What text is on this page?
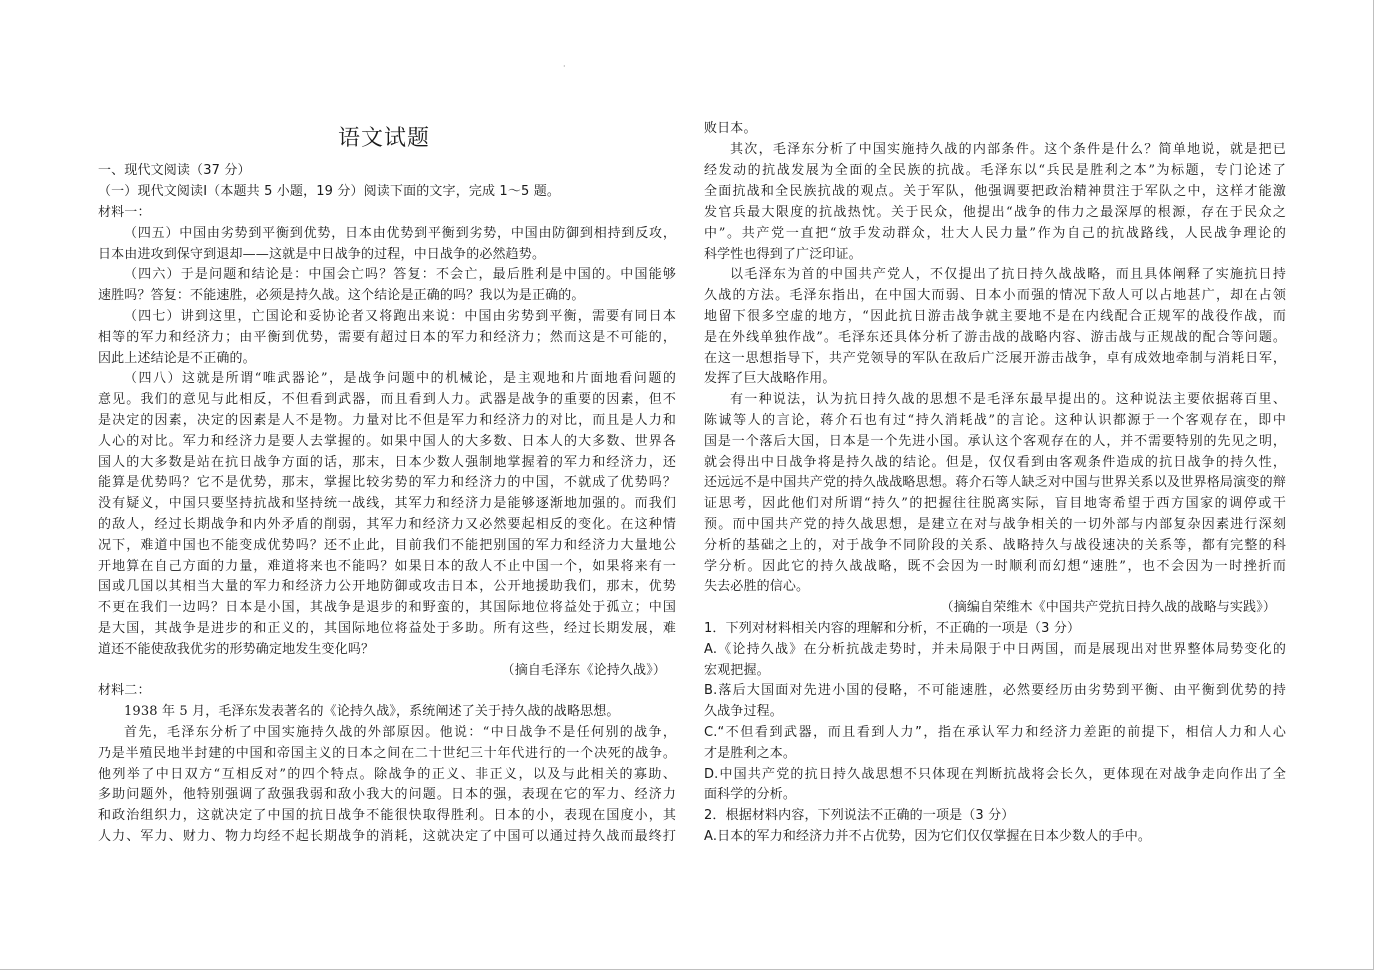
·
语文试题
一、现代文阅读（37 分）
（一）现代文阅读Ⅰ（本题共 5 小题，19 分）阅读下面的文字，完成 1～5 题。
材料一：
（四五）中国由劣势到平衡到优势，日本由优势到平衡到劣势，中国由防御到相持到反攻，
日本由进攻到保守到退却——这就是中日战争的过程，中日战争的必然趋势。
（四六）于是问题和结论是：中国会亡吗？答复：不会亡，最后胜利是中国的。中国能够
速胜吗？答复：不能速胜，必须是持久战。这个结论是正确的吗？我以为是正确的。
（四七）讲到这里，亡国论和妥协论者又将跑出来说：中国由劣势到平衡，需要有同日本
相等的军力和经济力；由平衡到优势，需要有超过日本的军力和经济力；然而这是不可能的，
因此上述结论是不正确的。
（四八）这就是所谓“唯武器论”，是战争问题中的机械论，是主观地和片面地看问题的
意见。我们的意见与此相反，不但看到武器，而且看到人力。武器是战争的重要的因素，但不
是决定的因素，决定的因素是人不是物。力量对比不但是军力和经济力的对比，而且是人力和
人心的对比。军力和经济力是要人去掌握的。如果中国人的大多数、日本人的大多数、世界各
国人的大多数是站在抗日战争方面的话，那末，日本少数人强制地掌握着的军力和经济力，还
能算是优势吗？它不是优势，那末，掌握比较劣势的军力和经济力的中国，不就成了优势吗？
没有疑义，中国只要坚持抗战和坚持统一战线，其军力和经济力是能够逐渐地加强的。而我们
的敌人，经过长期战争和内外矛盾的削弱，其军力和经济力又必然要起相反的变化。在这种情
况下，难道中国也不能变成优势吗？还不止此，目前我们不能把别国的军力和经济力大量地公
开地算在自己方面的力量，难道将来也不能吗？如果日本的敌人不止中国一个，如果将来有一
国或几国以其相当大量的军力和经济力公开地防御或攻击日本，公开地援助我们，那末，优势
不更在我们一边吗？日本是小国，其战争是退步的和野蛮的，其国际地位将益处于孤立；中国
是大国，其战争是进步的和正义的，其国际地位将益处于多助。所有这些，经过长期发展，难
道还不能使敌我优劣的形势确定地发生变化吗？
（摘自毛泽东《论持久战》）
材料二：
1938 年 5 月，毛泽东发表著名的《论持久战》，系统阐述了关于持久战的战略思想。
首先，毛泽东分析了中国实施持久战的外部原因。他说：“中日战争不是任何别的战争，
乃是半殖民地半封建的中国和帝国主义的日本之间在二十世纪三十年代进行的一个决死的战争。
他列举了中日双方“互相反对”的四个特点。除战争的正义、非正义，以及与此相关的寡助、
多助问题外，他特别强调了敌强我弱和敌小我大的问题。日本的强，表现在它的军力、经济力
和政治组织力，这就决定了中国的抗日战争不能很快取得胜利。日本的小，表现在国度小，其
人力、军力、财力、物力均经不起长期战争的消耗，这就决定了中国可以通过持久战而最终打
败日本。
其次，毛泽东分析了中国实施持久战的内部条件。这个条件是什么？简单地说，就是把已
经发动的抗战发展为全面的全民族的抗战。毛泽东以“兵民是胜利之本”为标题，专门论述了
全面抗战和全民族抗战的观点。关于军队，他强调要把政治精神贯注于军队之中，这样才能激
发官兵最大限度的抗战热忱。关于民众，他提出“战争的伟力之最深厚的根源，存在于民众之
中”。共产党一直把“放手发动群众，壮大人民力量”作为自己的抗战路线，人民战争理论的
科学性也得到了广泛印证。
以毛泽东为首的中国共产党人，不仅提出了抗日持久战战略，而且具体阐释了实施抗日持
久战的方法。毛泽东指出，在中国大而弱、日本小而强的情况下敌人可以占地甚广，却在占领
地留下很多空虚的地方，“因此抗日游击战争就主要地不是在内线配合正规军的战役作战，而
是在外线单独作战”。毛泽东还具体分析了游击战的战略内容、游击战与正规战的配合等问题。
在这一思想指导下，共产党领导的军队在敌后广泛展开游击战争，卓有成效地牵制与消耗日军，
发挥了巨大战略作用。
有一种说法，认为抗日持久战的思想不是毛泽东最早提出的。这种说法主要依据蒋百里、
陈诚等人的言论，蒋介石也有过“持久消耗战”的言论。这种认识都源于一个客观存在，即中
国是一个落后大国，日本是一个先进小国。承认这个客观存在的人，并不需要特别的先见之明，
就会得出中日战争将是持久战的结论。但是，仅仅看到由客观条件造成的抗日战争的持久性，
还远远不是中国共产党的持久战战略思想。蒋介石等人缺乏对中国与世界关系以及世界格局演变的辩
证思考，因此他们对所谓“持久”的把握往往脱离实际，盲目地寄希望于西方国家的调停或干
预。而中国共产党的持久战思想，是建立在对与战争相关的一切外部与内部复杂因素进行深刻
分析的基础之上的，对于战争不同阶段的关系、战略持久与战役速决的关系等，都有完整的科
学分析。因此它的持久战战略，既不会因为一时顺利而幻想“速胜”，也不会因为一时挫折而
失去必胜的信心。
（摘编自荣维木《中国共产党抗日持久战的战略与实践》）
1．下列对材料相关内容的理解和分析，不正确的一项是（3 分）
A.《论持久战》在分析抗战走势时，并未局限于中日两国，而是展现出对世界整体局势变化的
宏观把握。
B.落后大国面对先进小国的侵略，不可能速胜，必然要经历由劣势到平衡、由平衡到优势的持
久战争过程。
C.“不但看到武器，而且看到人力”，指在承认军力和经济力差距的前提下，相信人力和人心
才是胜利之本。
D.中国共产党的抗日持久战思想不只体现在判断抗战将会长久，更体现在对战争走向作出了全
面科学的分析。
2．根据材料内容，下列说法不正确的一项是（3 分）
A.日本的军力和经济力并不占优势，因为它们仅仅掌握在日本少数人的手中。
